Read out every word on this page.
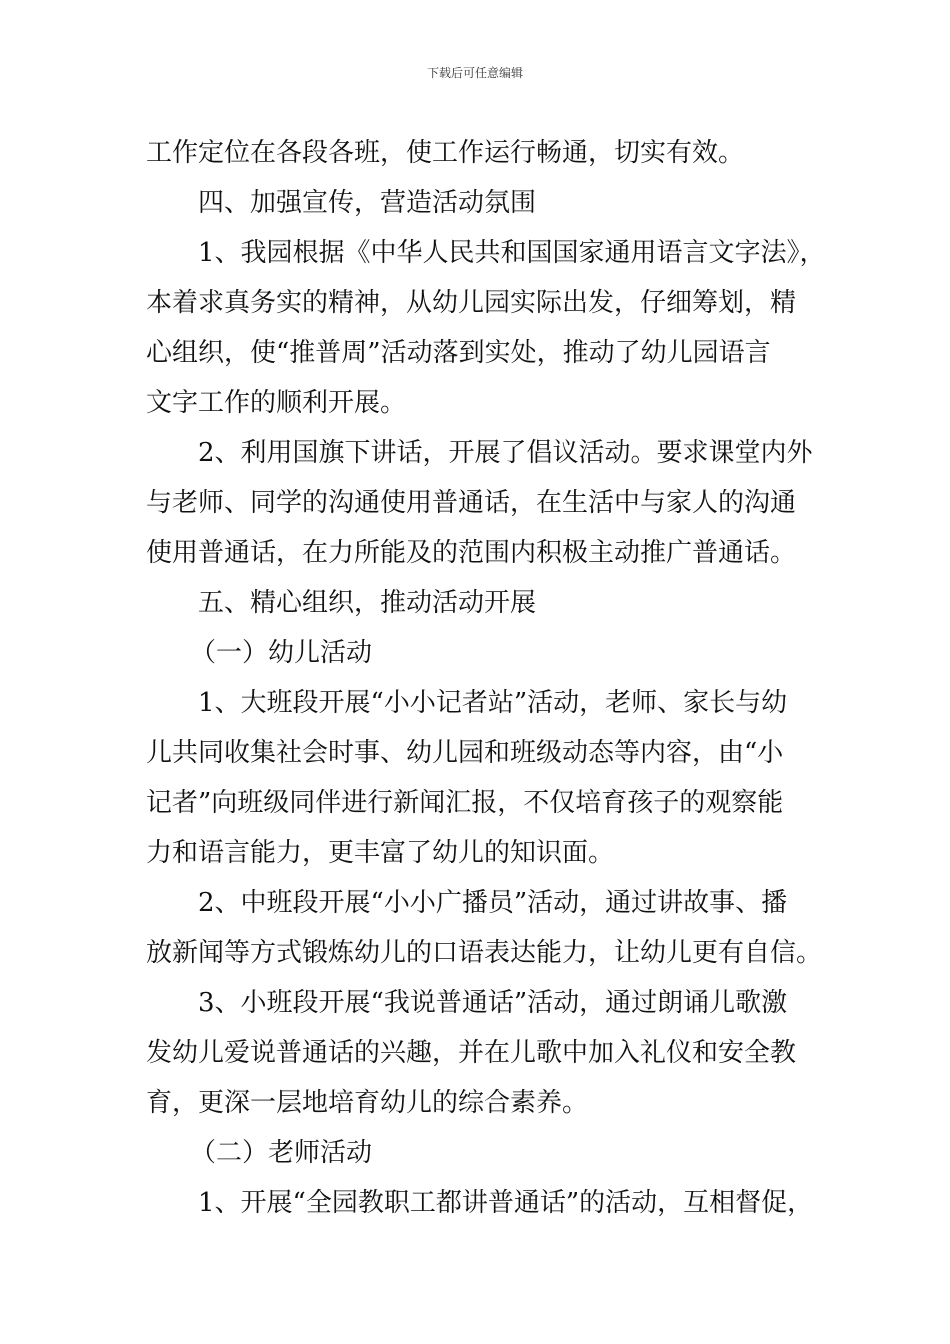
下载后可任意编辑
工作定位在各段各班，使工作运行畅通，切实有效。
四、加强宣传，营造活动氛围
1、我园根据《中华人民共和国国家通用语言文字法》，
本着求真务实的精神，从幼儿园实际出发，仔细筹划，精
心组织，使“推普周”活动落到实处，推动了幼儿园语言
文字工作的顺利开展。
2、利用国旗下讲话，开展了倡议活动。要求课堂内外
与老师、同学的沟通使用普通话，在生活中与家人的沟通
使用普通话，在力所能及的范围内积极主动推广普通话。
五、精心组织，推动活动开展
（一）幼儿活动
1、大班段开展“小小记者站”活动，老师、家长与幼
儿共同收集社会时事、幼儿园和班级动态等内容，由“小
记者”向班级同伴进行新闻汇报，不仅培育孩子的观察能
力和语言能力，更丰富了幼儿的知识面。
2、中班段开展“小小广播员”活动，通过讲故事、播
放新闻等方式锻炼幼儿的口语表达能力，让幼儿更有自信。
3、小班段开展“我说普通话”活动，通过朗诵儿歌激
发幼儿爱说普通话的兴趣，并在儿歌中加入礼仪和安全教
育，更深一层地培育幼儿的综合素养。
（二）老师活动
1、开展“全园教职工都讲普通话”的活动，互相督促，
